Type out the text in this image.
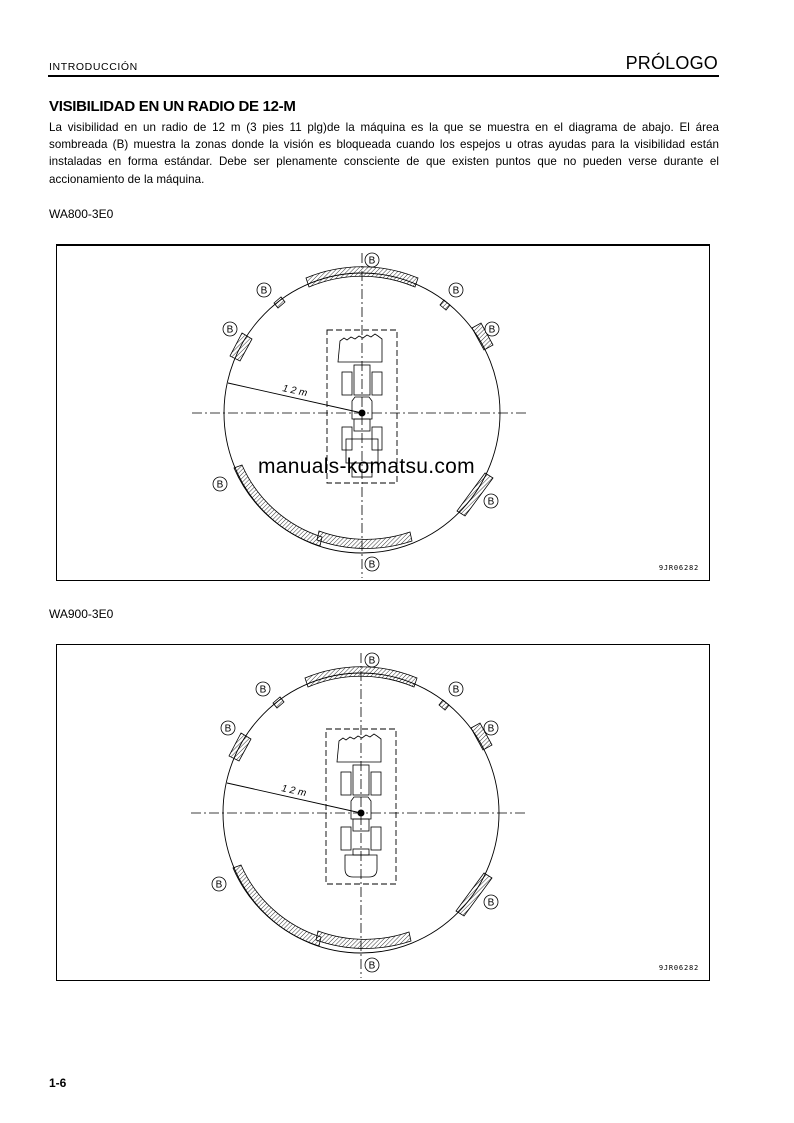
INTRODUCCIÓN	PRÓLOGO
VISIBILIDAD EN UN RADIO DE 12-M
La visibilidad en un radio de 12 m (3 pies 11 plg)de la máquina es la que se muestra en el diagrama de abajo. El área sombreada (B) muestra la zonas donde la visión es bloqueada cuando los espejos u otras ayudas para la visibilidad están instaladas en forma estándar. Debe ser plenamente consciente de que existen puntos que no pueden verse durante el accionamiento de la máquina.
WA800-3E0
1 2 m
B
B	B
B	B
B
B
B	9JR06282
manuals-komatsu.com
WA900-3E0
1 2 m
B
B	B
B	B
B
B
B	9JR06282
1-6
